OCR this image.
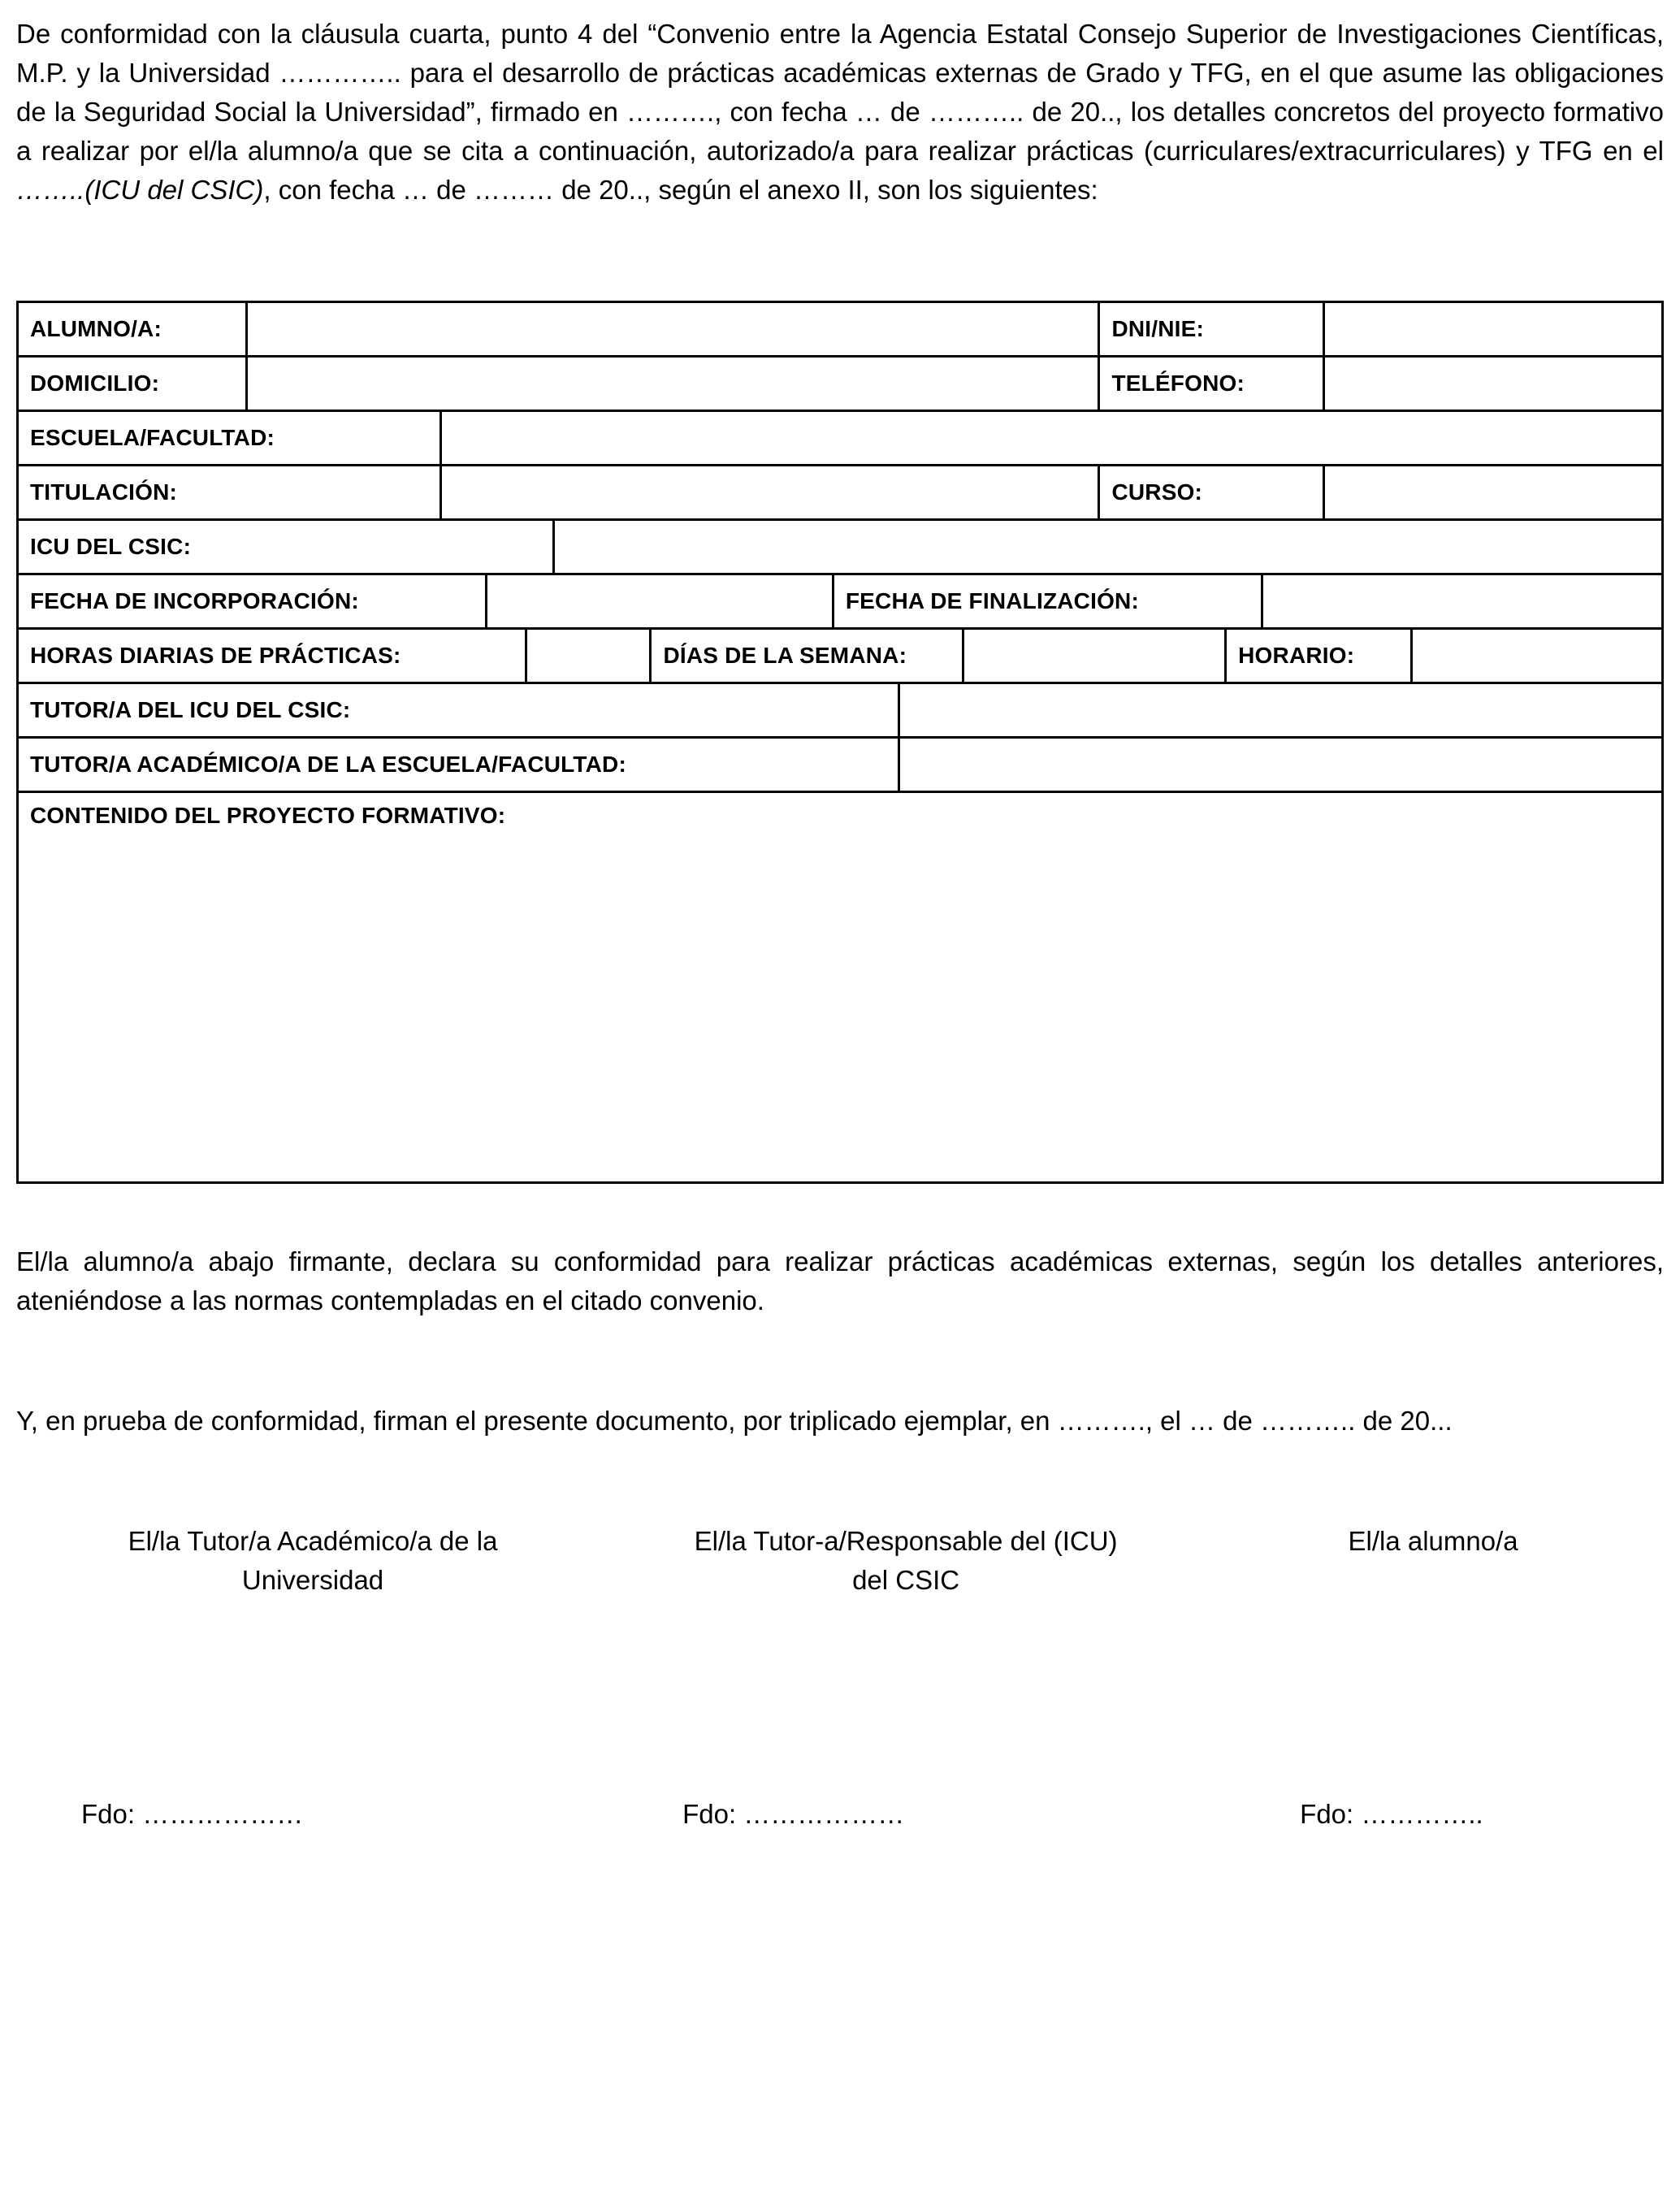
De conformidad con la cláusula cuarta, punto 4 del “Convenio entre la Agencia Estatal Consejo Superior de Investigaciones Científicas, M.P. y la Universidad ………….. para el desarrollo de prácticas académicas externas de Grado y TFG, en el que asume las obligaciones de la Seguridad Social la Universidad”, firmado en ………., con fecha … de ……….. de 20.., los detalles concretos del proyecto formativo a realizar por el/la alumno/a que se cita a continuación, autorizado/a para realizar prácticas (curriculares/extracurriculares) y TFG en el ……..(ICU del CSIC), con fecha … de ……… de 20.., según el anexo II, son los siguientes:

ALUMNO/A:	DNI/NIE:
DOMICILIO:	TELÉFONO:
ESCUELA/FACULTAD:
TITULACIÓN:	CURSO:
ICU DEL CSIC:
FECHA DE INCORPORACIÓN:	FECHA DE FINALIZACIÓN:
HORAS DIARIAS DE PRÁCTICAS:	DÍAS DE LA SEMANA:	HORARIO:
TUTOR/A DEL ICU DEL CSIC:
TUTOR/A ACADÉMICO/A DE LA ESCUELA/FACULTAD:
CONTENIDO DEL PROYECTO FORMATIVO:

El/la alumno/a abajo firmante, declara su conformidad para realizar prácticas académicas externas, según los detalles anteriores, ateniéndose a las normas contempladas en el citado convenio.

Y, en prueba de conformidad, firman el presente documento, por triplicado ejemplar, en ………., el … de ……….. de 20...

El/la Tutor/a Académico/a de la Universidad
El/la Tutor-a/Responsable del (ICU) del CSIC
El/la alumno/a
Fdo: ………………	Fdo: ………………	Fdo: …………..
